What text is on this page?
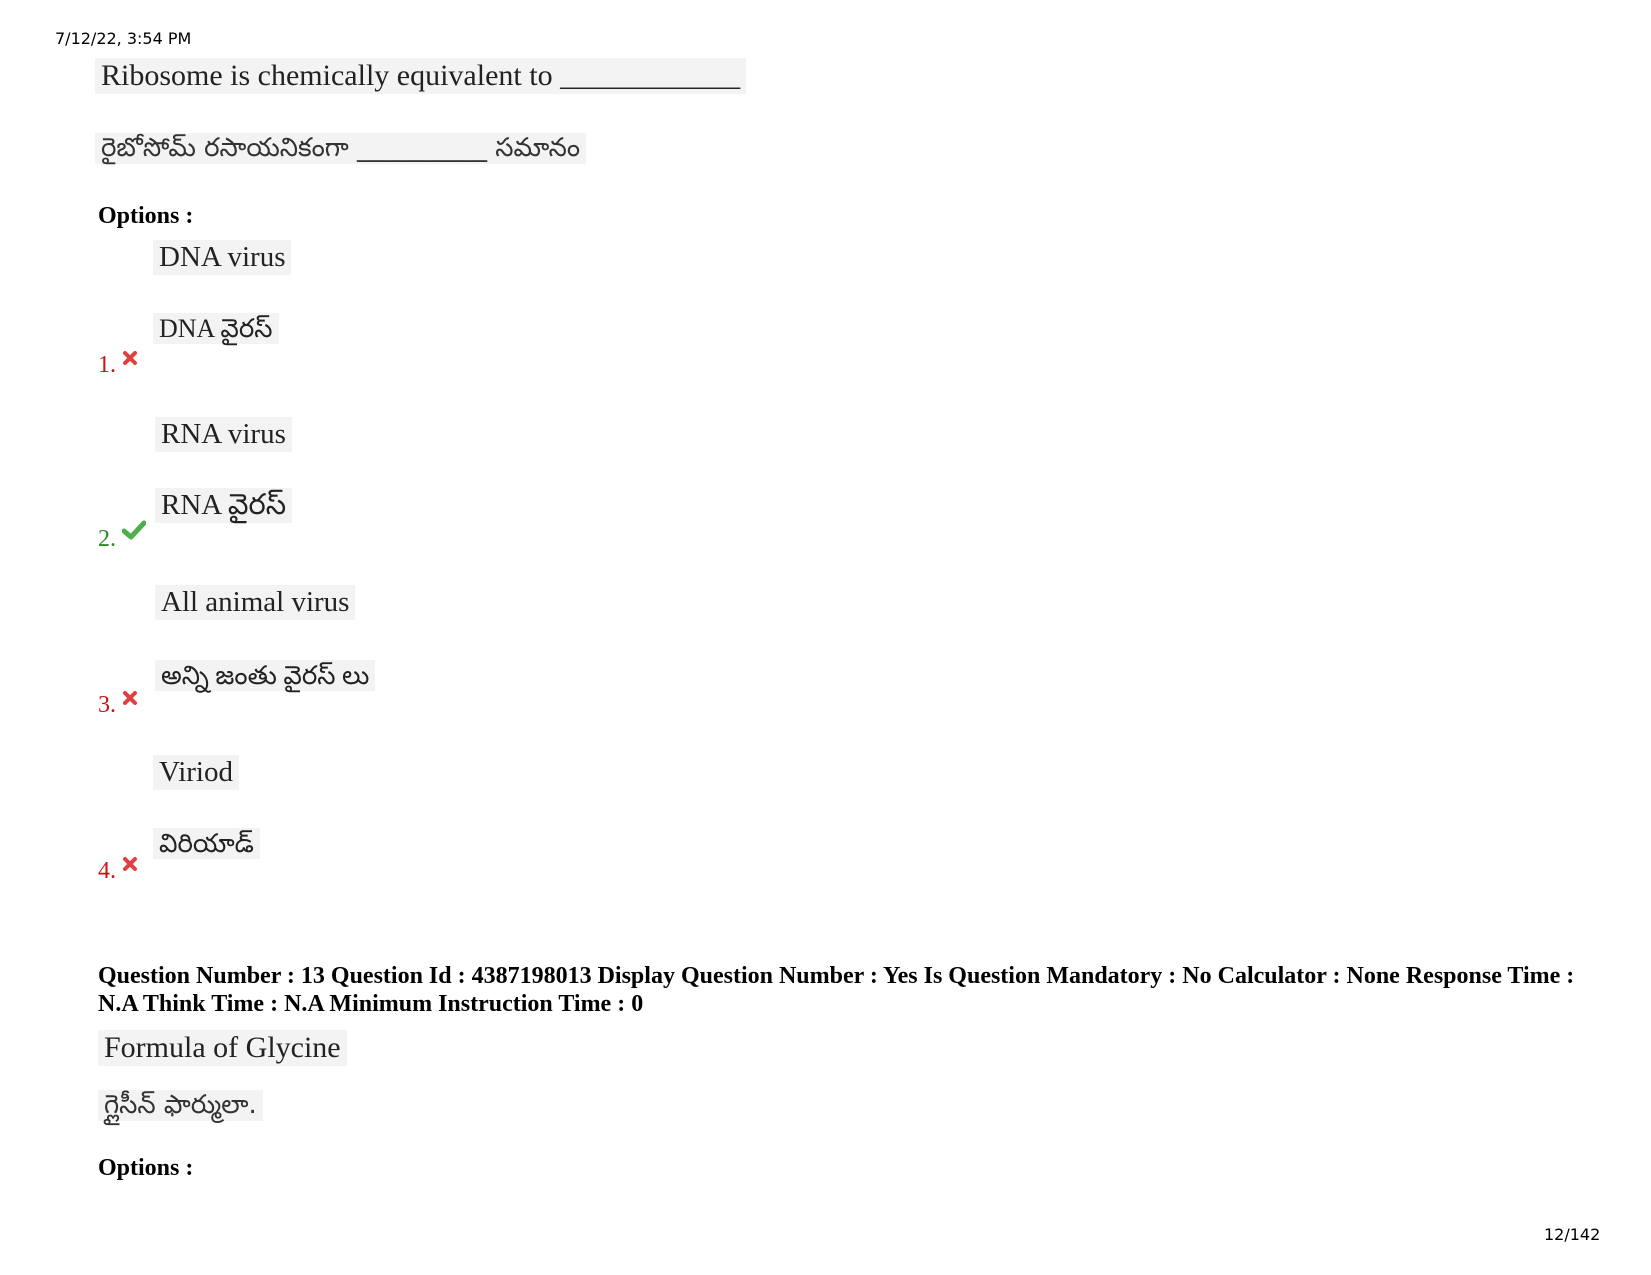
7/12/22, 3:54 PM
Ribosome is chemically equivalent to ____________
రైబోసోమ్ రసాయనికంగా __________ సమానం
Options :
DNA virus
DNA వైరస్
1.
RNA virus
RNA వైరస్
2.
All animal virus
అన్ని జంతు వైరస్ లు
3.
Viriod
విరియాడ్
4.
Question Number : 13 Question Id : 4387198013 Display Question Number : Yes Is Question Mandatory : No Calculator : None Response Time : N.A Think Time : N.A Minimum Instruction Time : 0
Formula of Glycine
గ్లైసీన్ ఫార్ములా.
Options :
12/142
